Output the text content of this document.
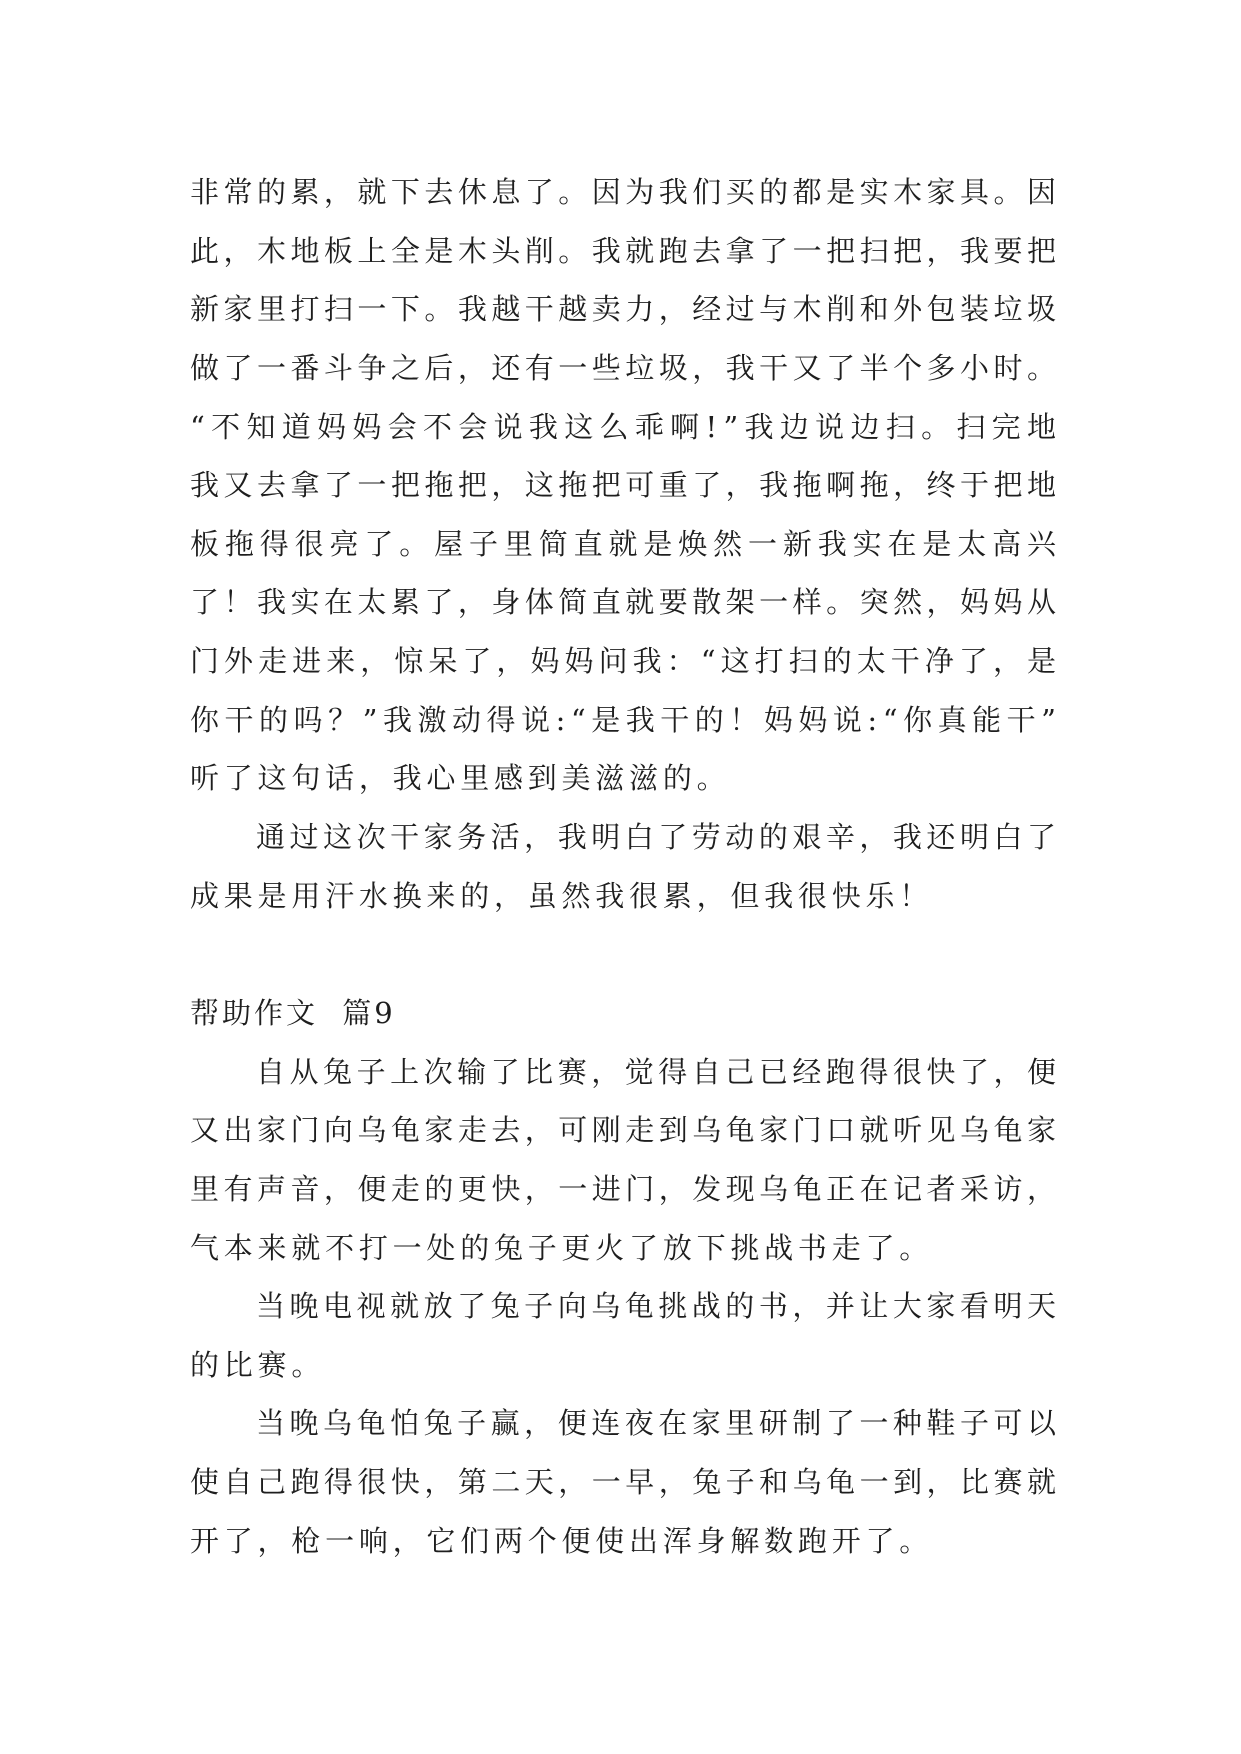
非常的累，就下去休息了。因为我们买的都是实木家具。因
此，木地板上全是木头削。我就跑去拿了一把扫把，我要把
新家里打扫一下。我越干越卖力，经过与木削和外包装垃圾
做了一番斗争之后，还有一些垃圾，我干又了半个多小时。
“不知道妈妈会不会说我这么乖啊!”我边说边扫。扫完地
我又去拿了一把拖把，这拖把可重了，我拖啊拖，终于把地
板拖得很亮了。屋子里简直就是焕然一新我实在是太高兴
了！我实在太累了，身体简直就要散架一样。突然，妈妈从
门外走进来，惊呆了，妈妈问我：“这打扫的太干净了，是
你干的吗？”我激动得说:“是我干的！妈妈说:“你真能干”
听了这句话，我心里感到美滋滋的。
通过这次干家务活，我明白了劳动的艰辛，我还明白了
成果是用汗水换来的，虽然我很累，但我很快乐！
帮助作文 篇9
自从兔子上次输了比赛，觉得自己已经跑得很快了，便
又出家门向乌龟家走去，可刚走到乌龟家门口就听见乌龟家
里有声音，便走的更快，一进门，发现乌龟正在记者采访，
气本来就不打一处的兔子更火了放下挑战书走了。
当晚电视就放了兔子向乌龟挑战的书，并让大家看明天
的比赛。
当晚乌龟怕兔子赢，便连夜在家里研制了一种鞋子可以
使自己跑得很快，第二天，一早，兔子和乌龟一到，比赛就
开了，枪一响，它们两个便使出浑身解数跑开了。
